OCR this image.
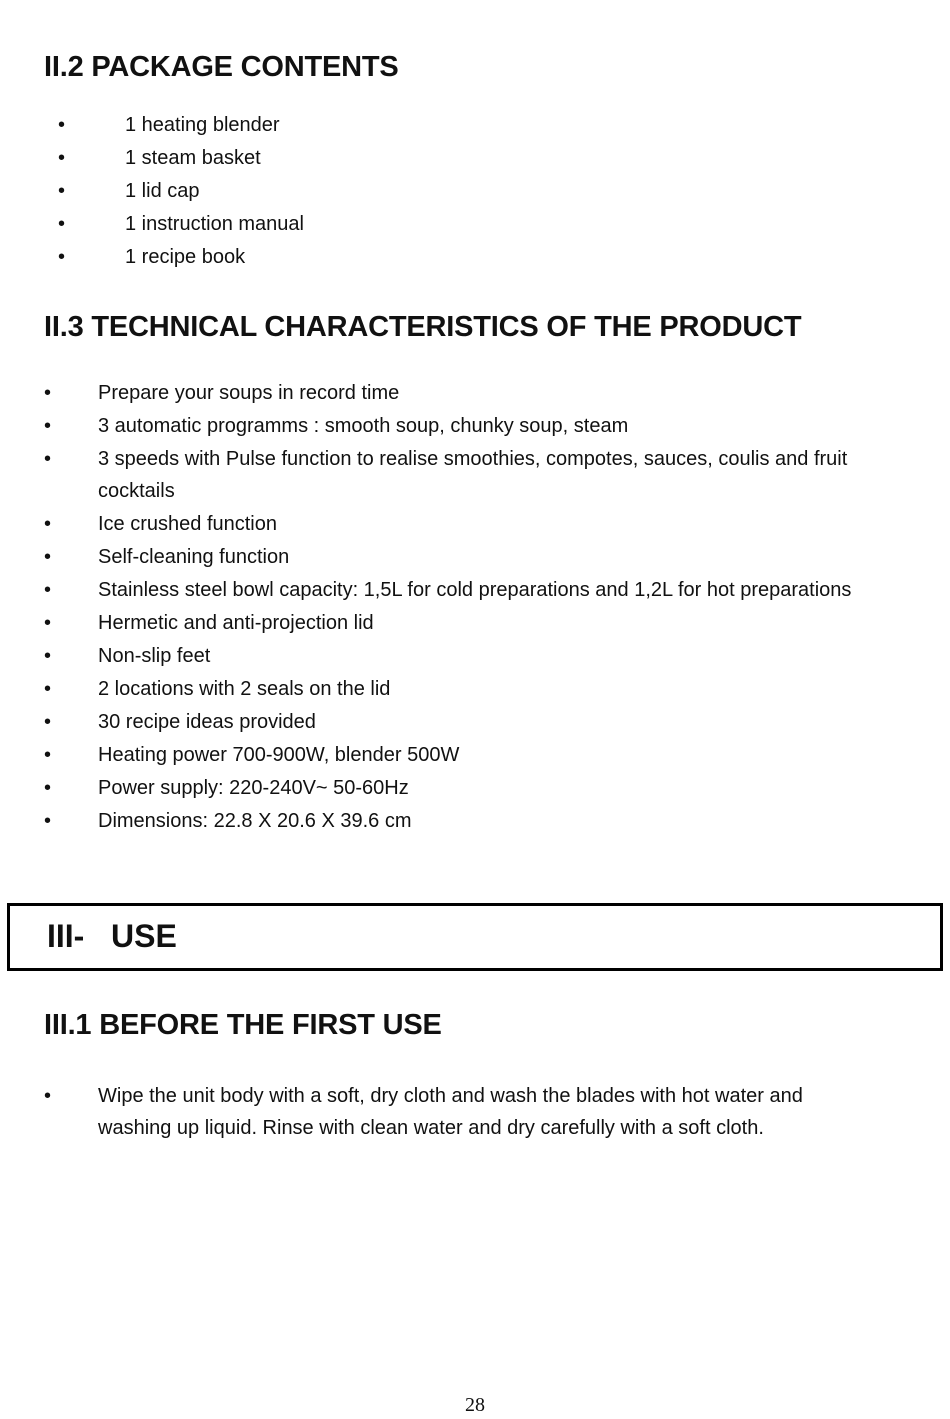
II.2 PACKAGE CONTENTS
•	1 heating blender
•	1 steam basket
•	1 lid cap
•	1 instruction manual
•	1 recipe book
II.3 TECHNICAL CHARACTERISTICS OF THE PRODUCT
• Prepare your soups in record time
• 3 automatic programms : smooth soup, chunky soup, steam
• 3 speeds with Pulse function to realise smoothies, compotes, sauces, coulis and fruit cocktails
• Ice crushed function
• Self-cleaning function
• Stainless steel bowl capacity: 1,5L for cold preparations and 1,2L for hot preparations
• Hermetic and anti-projection lid
• Non-slip feet
• 2 locations with 2 seals on the lid
• 30 recipe ideas provided
• Heating power 700-900W, blender 500W
• Power supply: 220-240V~ 50-60Hz
• Dimensions: 22.8 X 20.6 X 39.6 cm
III-   USE
III.1 BEFORE THE FIRST USE
• Wipe the unit body with a soft, dry cloth and wash the blades with hot water and washing up liquid. Rinse with clean water and dry carefully with a soft cloth.
28
